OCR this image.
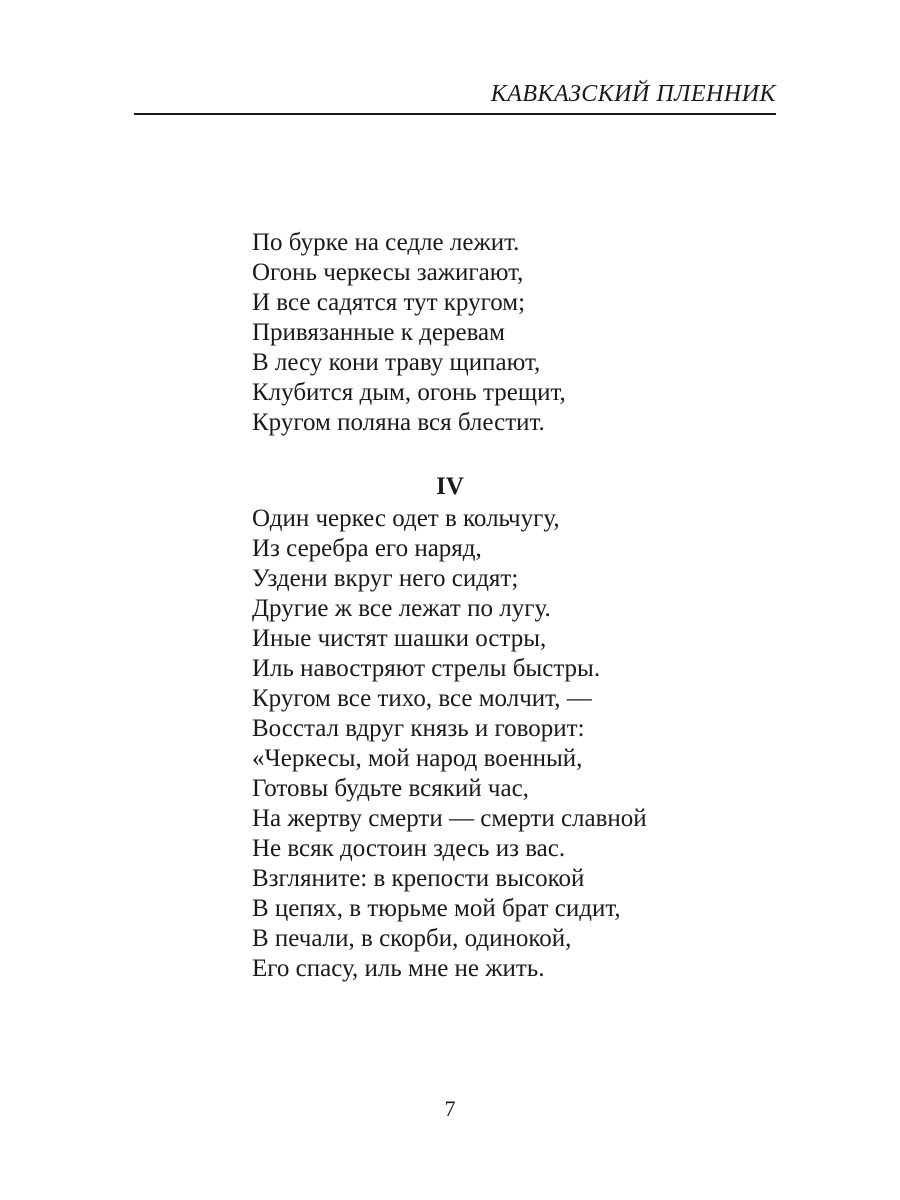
КАВКАЗСКИЙ ПЛЕННИК
По бурке на седле лежит.
Огонь черкесы зажигают,
И все садятся тут кругом;
Привязанные к деревам
В лесу кони траву щипают,
Клубится дым, огонь трещит,
Кругом поляна вся блестит.
IV
Один черкес одет в кольчугу,
Из серебра его наряд,
Уздени вкруг него сидят;
Другие ж все лежат по лугу.
Иные чистят шашки остры,
Иль навостряют стрелы быстры.
Кругом все тихо, все молчит, —
Восстал вдруг князь и говорит:
«Черкесы, мой народ военный,
Готовы будьте всякий час,
На жертву смерти — смерти славной
Не всяк достоин здесь из вас.
Взгляните: в крепости высокой
В цепях, в тюрьме мой брат сидит,
В печали, в скорби, одинокой,
Его спасу, иль мне не жить.
7
